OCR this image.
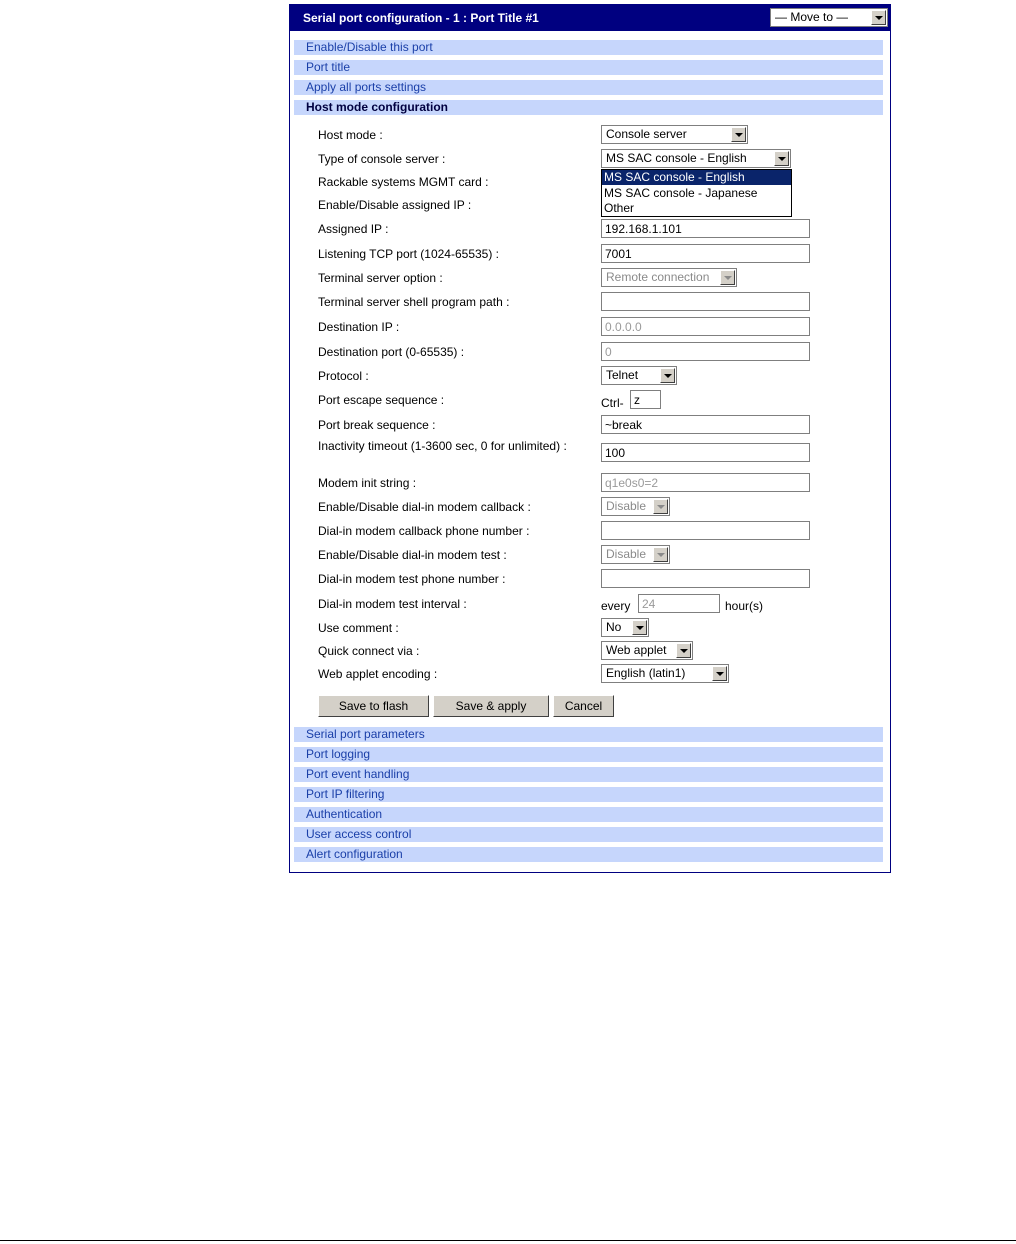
Serial port configuration - 1 : Port Title #1	— Move to —
Enable/Disable this port
Port title
Apply all ports settings
Host mode configuration
Host mode :	Console server
Type of console server :	MS SAC console - English
Rackable systems MGMT card :
Enable/Disable assigned IP :
Assigned IP :	192.168.1.101
Listening TCP port (1024-65535) :	7001
Terminal server option :	Remote connection
Terminal server shell program path :
Destination IP :	0.0.0.0
Destination port (0-65535) :	0
Protocol :	Telnet
Port escape sequence :	Ctrl- z
Port break sequence :	~break
Inactivity timeout (1-3600 sec, 0 for unlimited) :	100
Modem init string :	q1e0s0=2
Enable/Disable dial-in modem callback :	Disable
Dial-in modem callback phone number :
Enable/Disable dial-in modem test :	Disable
Dial-in modem test phone number :
Dial-in modem test interval :	every 24	hour(s)
Use comment :	No
Quick connect via :	Web applet
Web applet encoding :	English (latin1)
Save to flash	Save & apply	Cancel
Serial port parameters
Port logging
Port event handling
Port IP filtering
Authentication
User access control
Alert configuration
MS SAC console - English
MS SAC console - Japanese
Other
